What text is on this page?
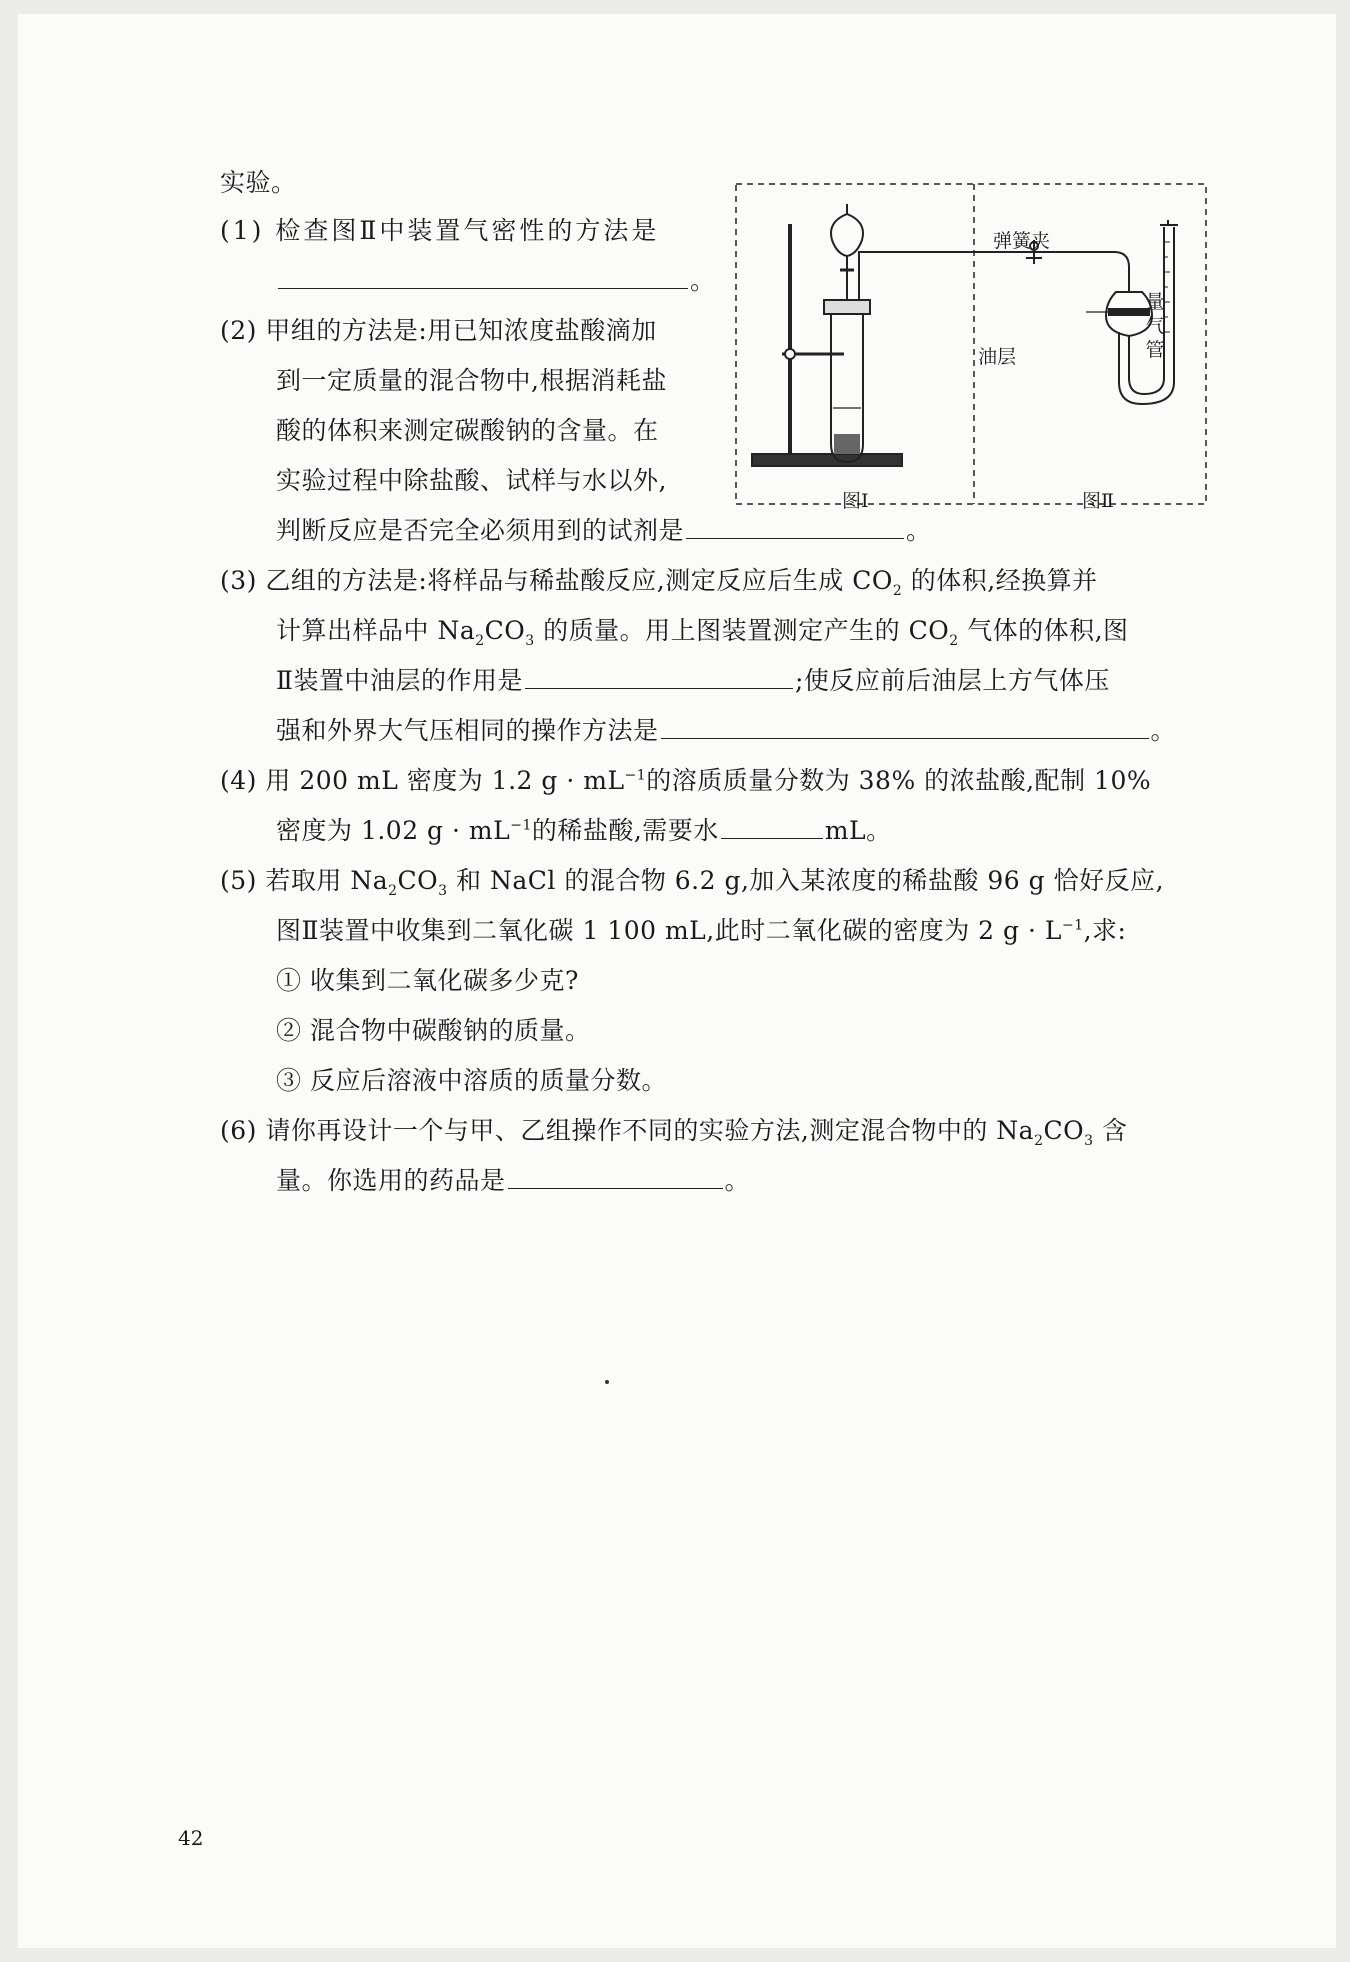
实验。
(1) 检查图Ⅱ中装置气密性的方法是
。
(2) 甲组的方法是:用已知浓度盐酸滴加
到一定质量的混合物中,根据消耗盐
酸的体积来测定碳酸钠的含量。在
实验过程中除盐酸、试样与水以外,
判断反应是否完全必须用到的试剂是	。
(3) 乙组的方法是:将样品与稀盐酸反应,测定反应后生成 $CO_2$ 的体积,经换算并
计算出样品中 $Na_2CO_3$ 的质量。用上图装置测定产生的 $CO_2$ 气体的体积,图
Ⅱ装置中油层的作用是	;使反应前后油层上方气体压
强和外界大气压相同的操作方法是	。
(4) 用 200 mL 密度为 1.2 $g \cdot mL^{-1}$的溶质质量分数为 38% 的浓盐酸,配制 10%
密度为 1.02 $g \cdot mL^{-1}$的稀盐酸,需要水	mL。
(5) 若取用 $Na_2CO_3$ 和 NaCl 的混合物 6.2 g,加入某浓度的稀盐酸 96 g 恰好反应,
图Ⅱ装置中收集到二氧化碳 1 100 mL,此时二氧化碳的密度为 2 $g \cdot L^{-1}$,求:
① 收集到二氧化碳多少克?
② 混合物中碳酸钠的质量。
③ 反应后溶液中溶质的质量分数。
(6) 请你再设计一个与甲、乙组操作不同的实验方法,测定混合物中的 $Na_2CO_3$ 含
量。你选用的药品是	。
图Ⅰ	图Ⅱ
弹簧夹
油层
量气管
42
